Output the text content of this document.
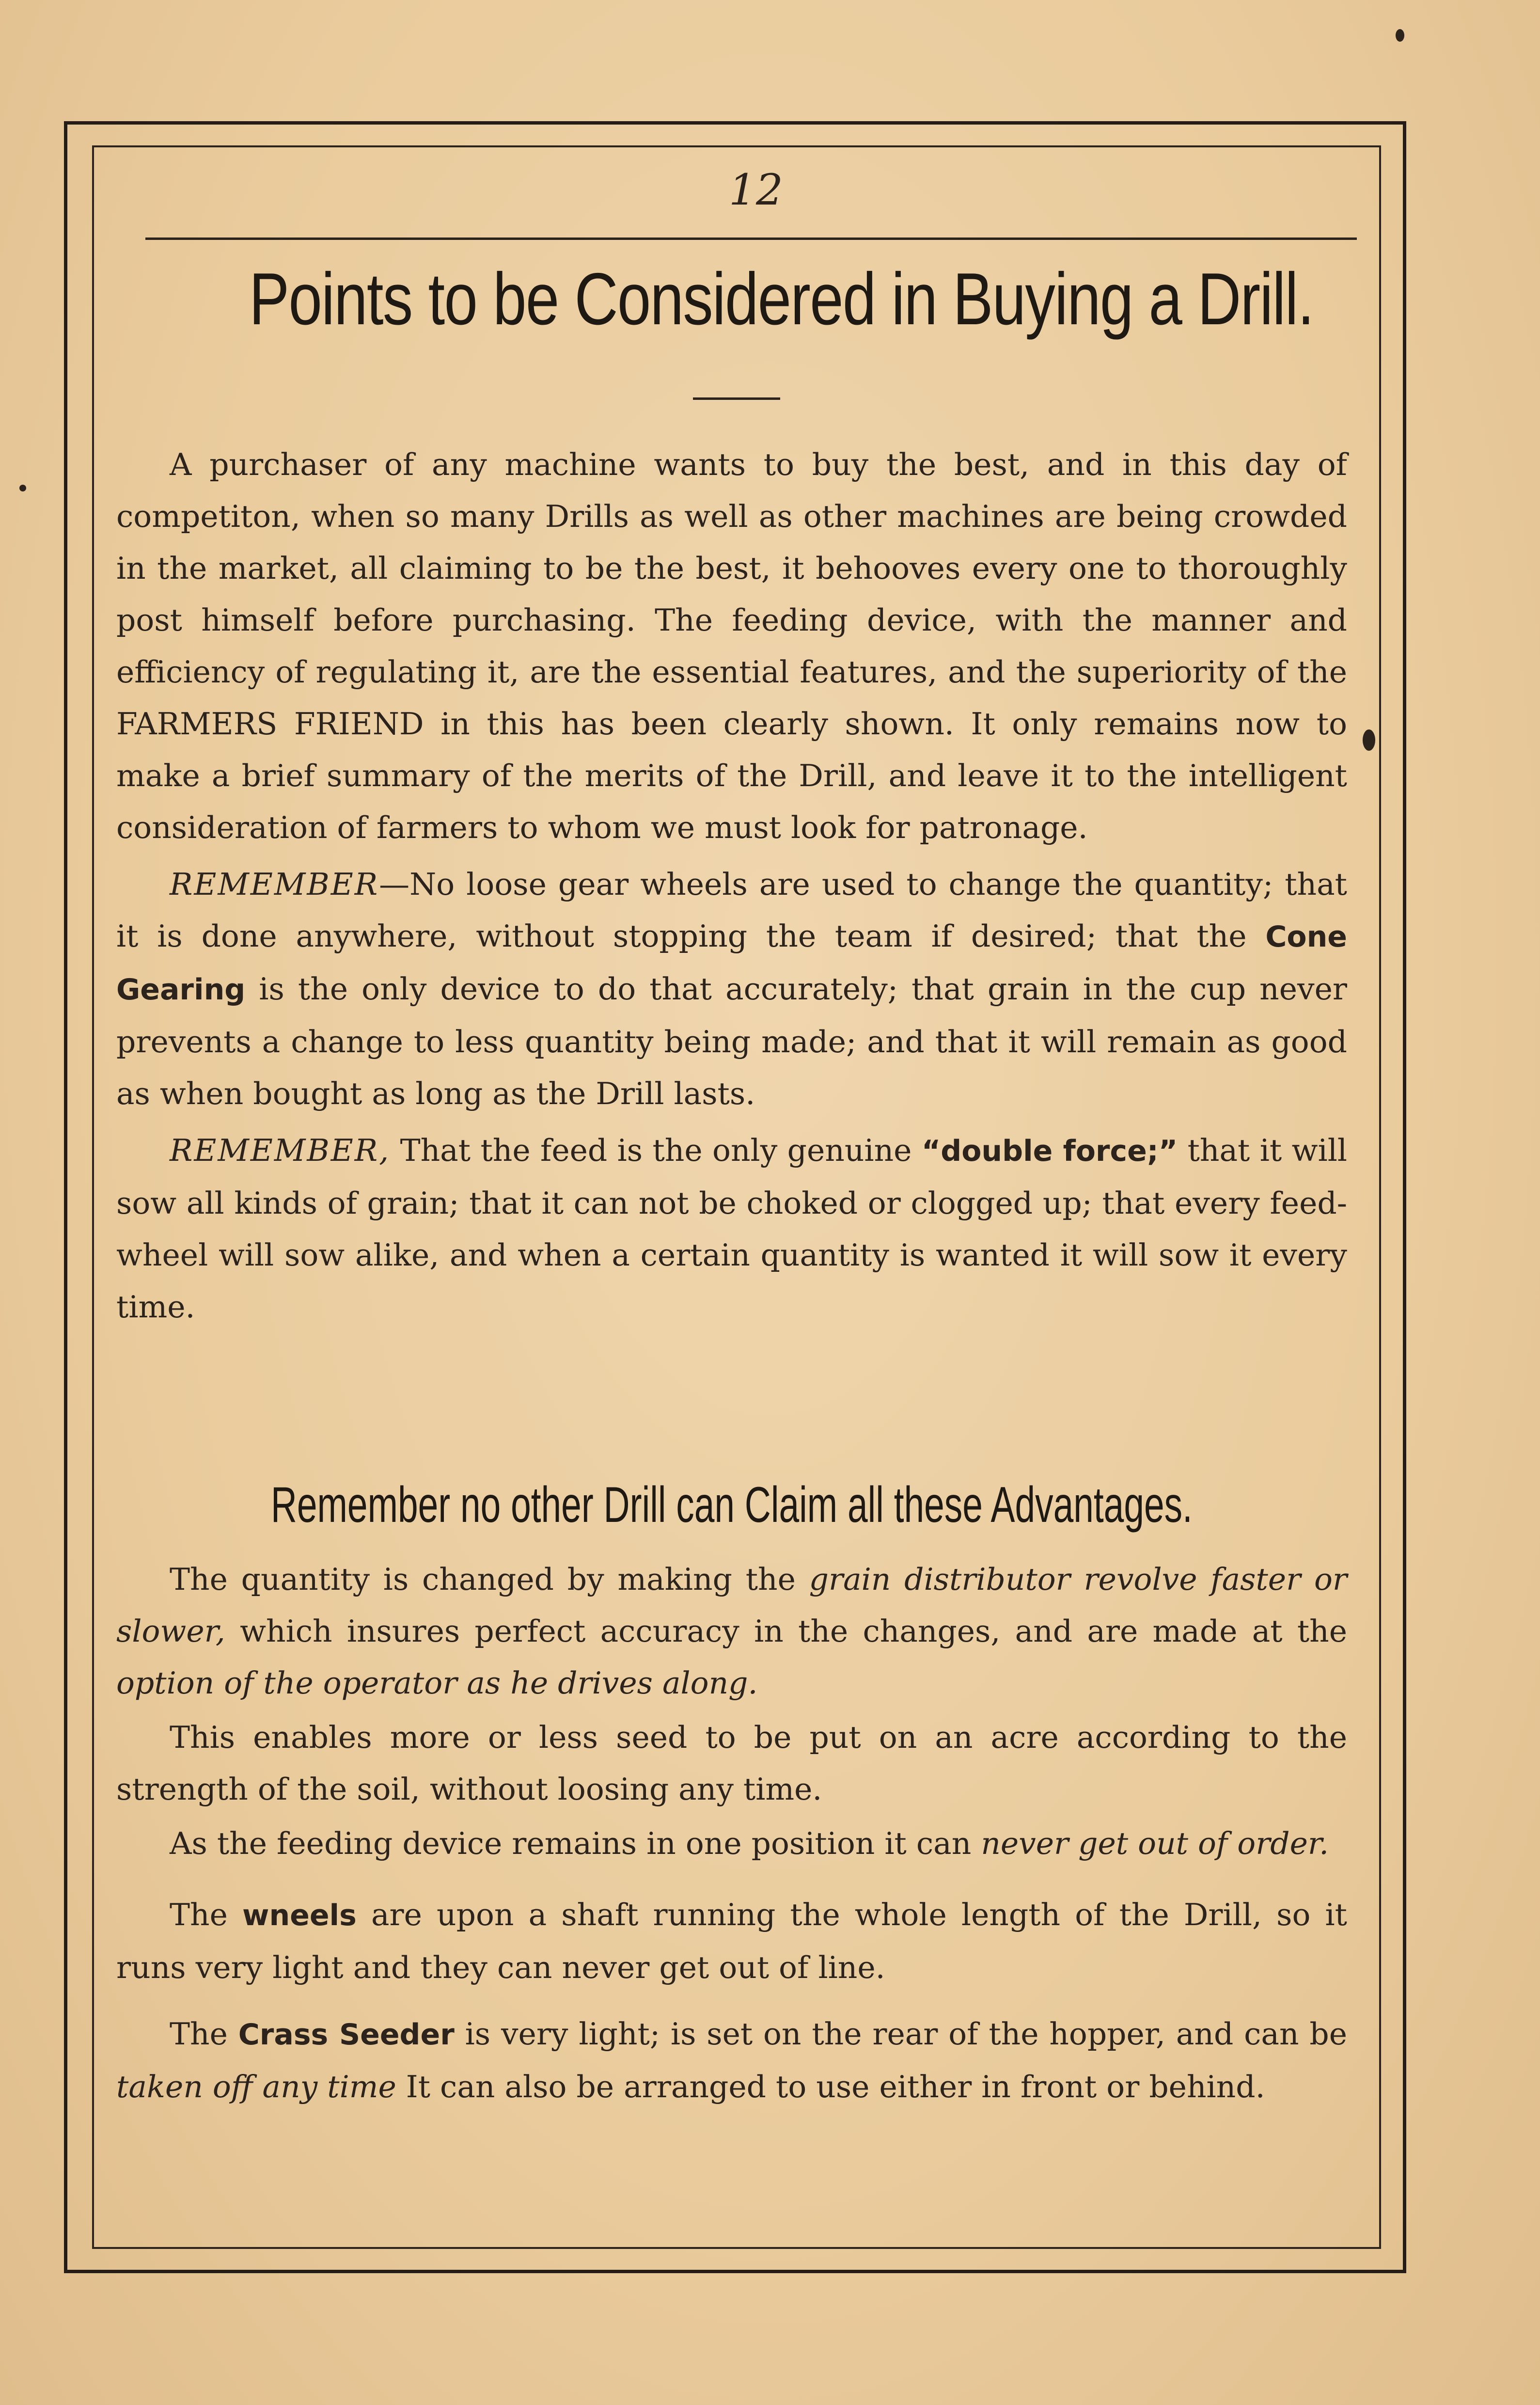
12
Points to be Considered in Buying a Drill.

A purchaser of any machine wants to buy the best, and in this day of competiton, when so many Drills as well as other machines are being crowded in the market, all claiming to be the best, it behooves every one to thoroughly post himself before purchasing. The feeding device, with the manner and efficiency of regulating it, are the essential features, and the superiority of the FARMERS FRIEND in this has been clearly shown. It only remains now to make a brief summary of the merits of the Drill, and leave it to the intelligent consideration of farmers to whom we must look for patronage.

REMEMBER—No loose gear wheels are used to change the quantity; that it is done anywhere, without stopping the team if desired; that the Cone Gearing is the only device to do that accurately; that grain in the cup never prevents a change to less quantity being made; and that it will remain as good as when bought as long as the Drill lasts.

REMEMBER, That the feed is the only genuine “double force;” that it will sow all kinds of grain; that it can not be choked or clogged up; that every feed-wheel will sow alike, and when a certain quantity is wanted it will sow it every time.

Remember no other Drill can Claim all these Advantages.

The quantity is changed by making the grain distributor revolve faster or slower, which insures perfect accuracy in the changes, and are made at the option of the operator as he drives along.

This enables more or less seed to be put on an acre according to the strength of the soil, without loosing any time.

As the feeding device remains in one position it can never get out of order.

The wneels are upon a shaft running the whole length of the Drill, so it runs very light and they can never get out of line.

The Crass Seeder is very light; is set on the rear of the hopper, and can be taken off any time It can also be arranged to use either in front or behind.
